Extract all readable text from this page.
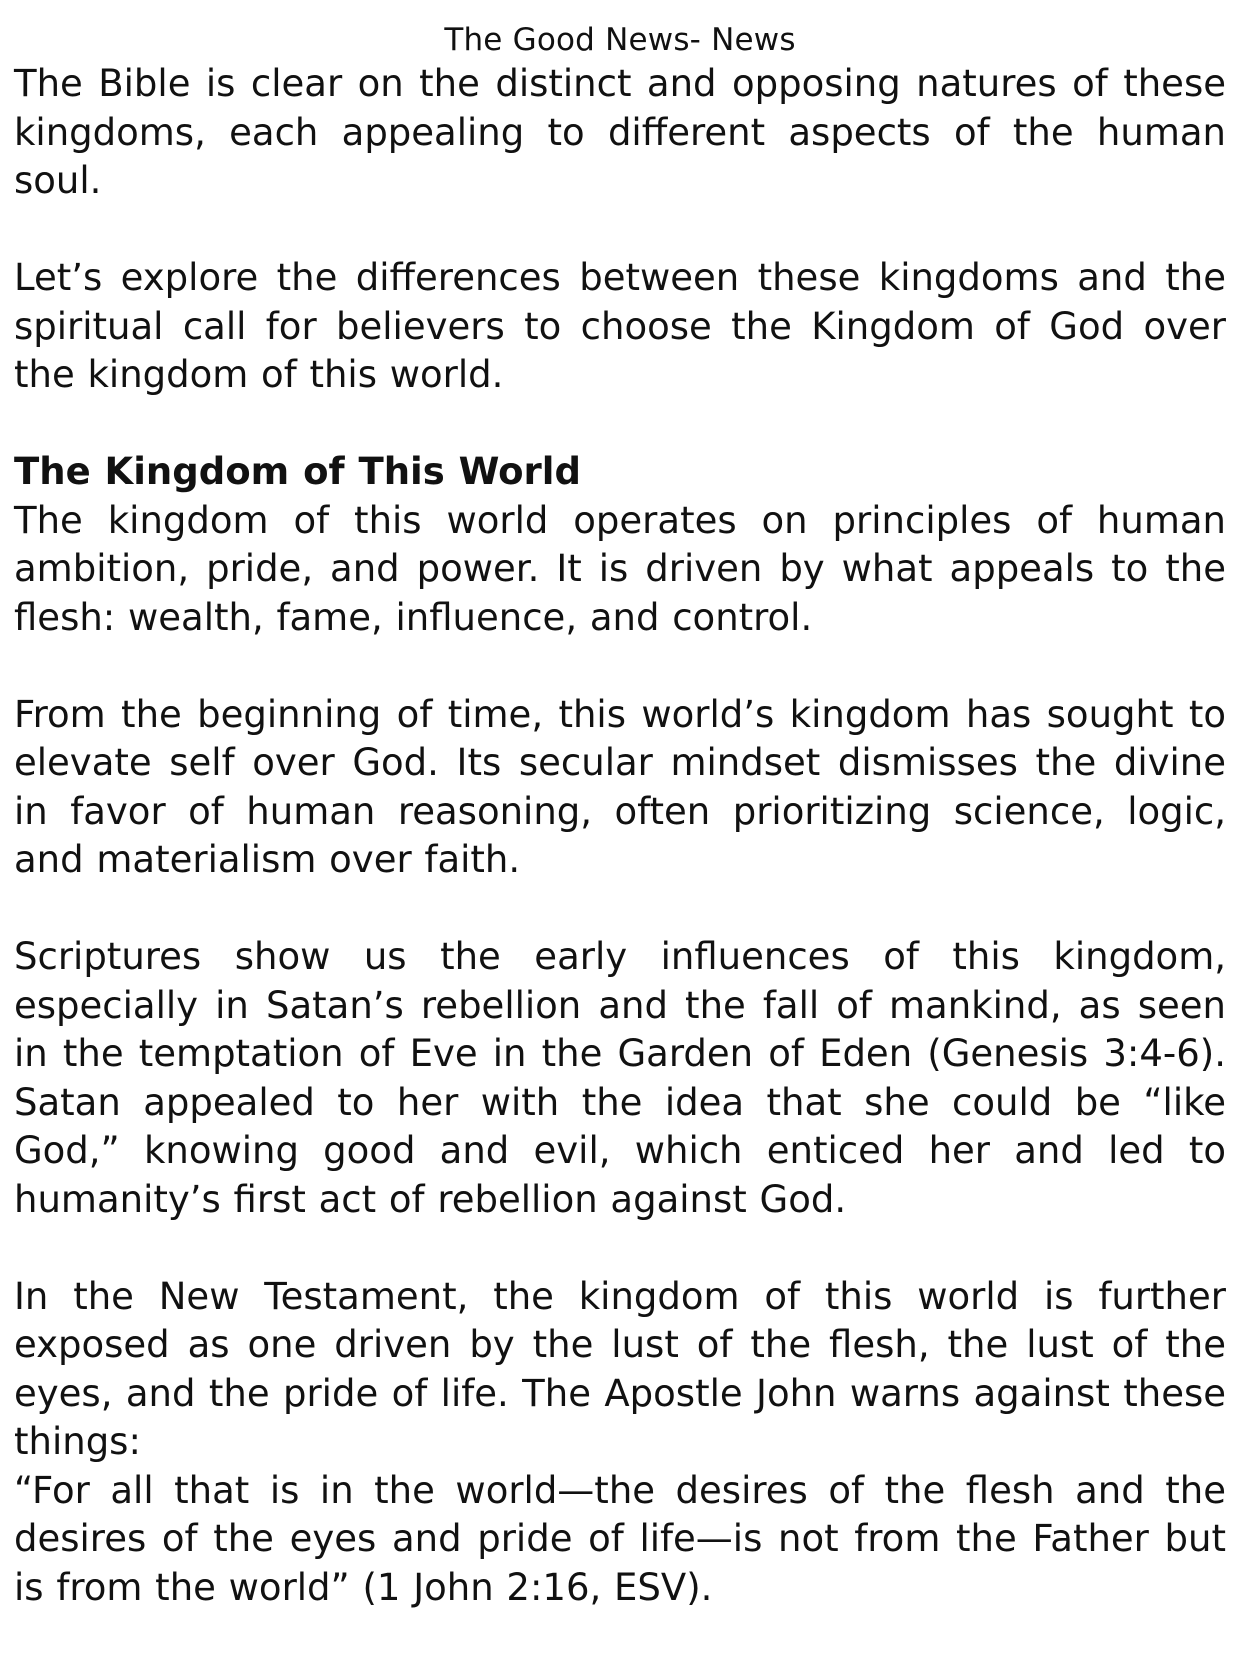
The Good News- News

The Bible is clear on the distinct and opposing natures of these kingdoms, each appealing to different aspects of the human soul.

Let’s explore the differences between these kingdoms and the spiritual call for believers to choose the Kingdom of God over the kingdom of this world.

The Kingdom of This World

The kingdom of this world operates on principles of human ambition, pride, and power. It is driven by what appeals to the flesh: wealth, fame, influence, and control.

From the beginning of time, this world’s kingdom has sought to elevate self over God. Its secular mindset dismisses the divine in favor of human reasoning, often prioritizing science, logic, and materialism over faith.

Scriptures show us the early influences of this kingdom, especially in Satan’s rebellion and the fall of mankind, as seen in the temptation of Eve in the Garden of Eden (Genesis 3:4-6). Satan appealed to her with the idea that she could be “like God,” knowing good and evil, which enticed her and led to humanity’s first act of rebellion against God.

In the New Testament, the kingdom of this world is further exposed as one driven by the lust of the flesh, the lust of the eyes, and the pride of life. The Apostle John warns against these things:

“For all that is in the world—the desires of the flesh and the desires of the eyes and pride of life—is not from the Father but is from the world” (1 John 2:16, ESV).
